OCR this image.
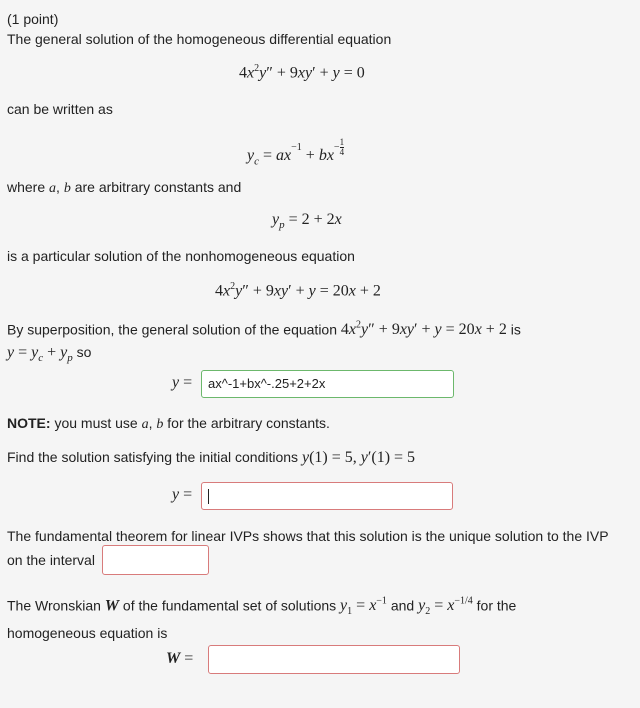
(1 point)
The general solution of the homogeneous differential equation
$4x^2y'' + 9xy' + y = 0$
can be written as
$y_c = ax^{-1} + bx^{- \frac{1}{4}}$
where a, b are arbitrary constants and
$y_p = 2 + 2x$
is a particular solution of the nonhomogeneous equation
$4x^2y'' + 9xy' + y = 20x + 2$
By superposition, the general solution of the equation $4x^2y'' + 9xy' + y = 20x + 2$ is
$y = y_c + y_p$ so
y =	ax^-1+bx^-.25+2+2x
NOTE: you must use a, b for the arbitrary constants.
Find the solution satisfying the initial conditions y(1) = 5, y′(1) = 5
y =
The fundamental theorem for linear IVPs shows that this solution is the unique solution to the IVP
on the interval
The Wronskian W of the fundamental set of solutions $y_1 = x^{-1}$ and $y_2 = x^{-1/4}$ for the
homogeneous equation is
W =
